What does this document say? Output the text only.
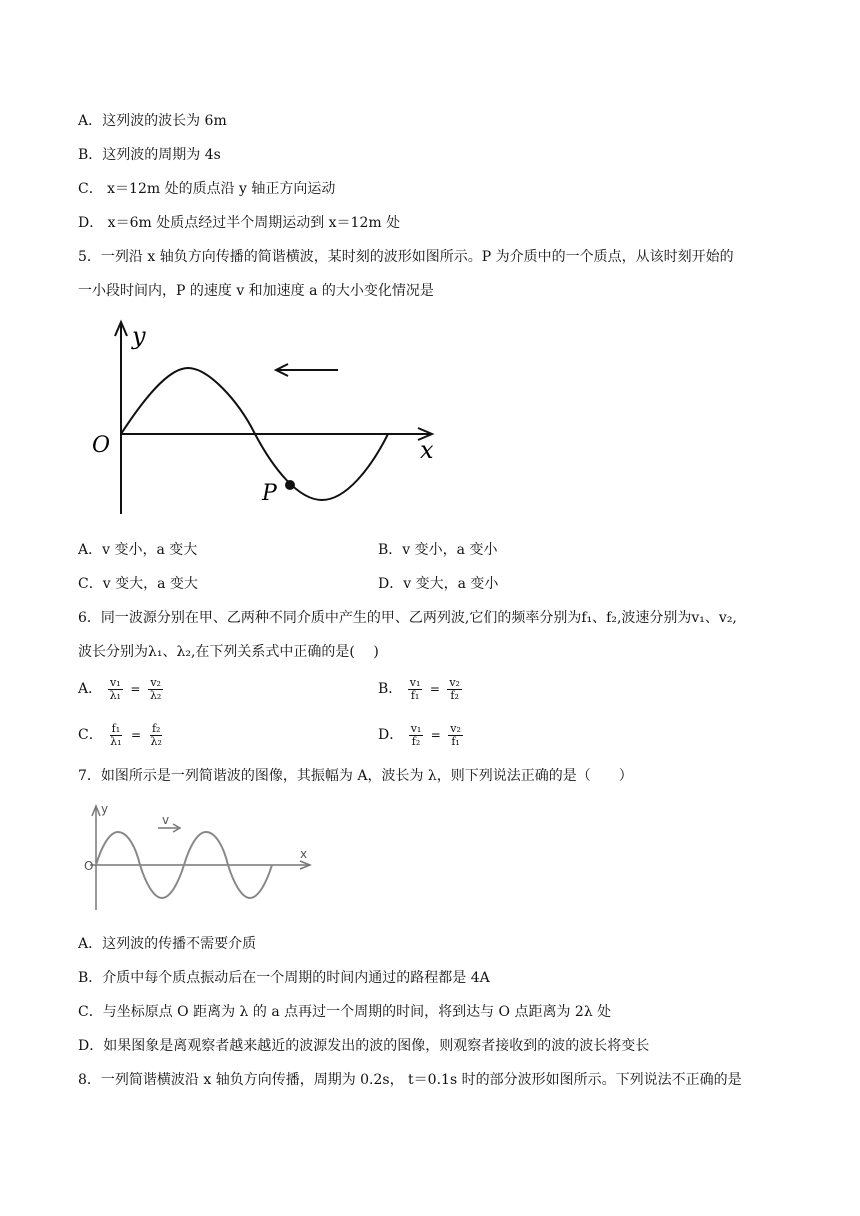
A．这列波的波长为 6m
B．这列波的周期为 4s
C． x＝12m 处的质点沿 y 轴正方向运动
D． x＝6m 处质点经过半个周期运动到 x＝12m 处
5．一列沿 x 轴负方向传播的简谐横波，某时刻的波形如图所示。P 为介质中的一个质点，从该时刻开始的
一小段时间内，P 的速度 v 和加速度 a 的大小变化情况是
y
x
O
P
A．v 变小，a 变大	B．v 变小，a 变小
C．v 变大，a 变大	D．v 变大，a 变小
6．同一波源分别在甲、乙两种不同介质中产生的甲、乙两列波,它们的频率分别为f₁、f₂,波速分别为v₁、v₂,
波长分别为λ₁、λ₂,在下列关系式中正确的是(　 )
A． $\frac{\text{v₁}}{\text{λ₁}} = \frac{\text{v₂}}{\text{λ₂}}$	B． $\frac{\text{v₁}}{\text{f₁}} = \frac{\text{v₂}}{\text{f₂}}$
C． $\frac{\text{f₁}}{\text{λ₁}} = \frac{\text{f₂}}{\text{λ₂}}$	D． $\frac{\text{v₁}}{\text{f₂}} = \frac{\text{v₂}}{\text{f₁}}$
7．如图所示是一列简谐波的图像，其振幅为 A，波长为 λ，则下列说法正确的是（　　）
v
y
x
O
A．这列波的传播不需要介质
B．介质中每个质点振动后在一个周期的时间内通过的路程都是 4A
C．与坐标原点 O 距离为 λ 的 a 点再过一个周期的时间，将到达与 O 点距离为 2λ 处
D．如果图象是离观察者越来越近的波源发出的波的图像，则观察者接收到的波的波长将变长
8．一列简谐横波沿 x 轴负方向传播，周期为 0.2s， t＝0.1s 时的部分波形如图所示。下列说法不正确的是
